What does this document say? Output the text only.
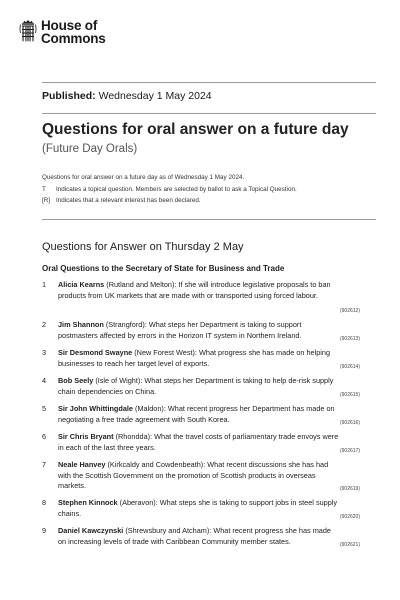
House of
Commons
Published: Wednesday 1 May 2024
Questions for oral answer on a future day
(Future Day Orals)
Questions for oral answer on a future day as of Wednesday 1 May 2024.
T	Indicates a topical question. Members are selected by ballot to ask a Topical Question.
[R] Indicates that a relevant interest has been declared.
Questions for Answer on Thursday 2 May
Oral Questions to the Secretary of State for Business and Trade
1	Alicia Kearns (Rutland and Melton): If she will introduce legislative proposals to ban products from UK markets that are made with or transported using forced labour.
(902612)
2	Jim Shannon (Strangford): What steps her Department is taking to support postmasters affected by errors in the Horizon IT system in Northern Ireland.	(902613)
3	Sir Desmond Swayne (New Forest West): What progress she has made on helping businesses to reach her target level of exports.	(902614)
4	Bob Seely (Isle of Wight): What steps her Department is taking to help de-risk supply chain dependencies on China.	(902615)
5	Sir John Whittingdale (Maldon): What recent progress her Department has made on negotiating a free trade agreement with South Korea.	(902616)
6	Sir Chris Bryant (Rhondda): What the travel costs of parliamentary trade envoys were in each of the last three years.	(902617)
7	Neale Hanvey (Kirkcaldy and Cowdenbeath): What recent discussions she has had with the Scottish Government on the promotion of Scottish products in overseas markets.	(902619)
8	Stephen Kinnock (Aberavon): What steps she is taking to support jobs in steel supply chains.	(902620)
9	Daniel Kawczynski (Shrewsbury and Atcham): What recent progress she has made on increasing levels of trade with Caribbean Community member states.	(902621)
